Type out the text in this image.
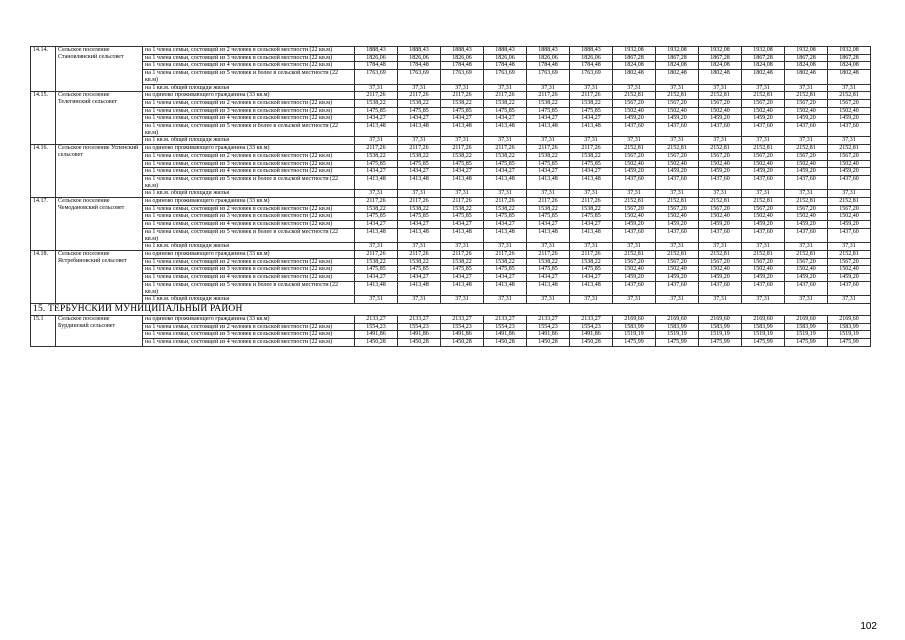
14.14.	Сельское поселение Становлянский сельсовет	на 1 члена семьи, состоящей из 2 человек в сельской местности (22 кв.м)	1888,43	1888,43	1888,43	1888,43	1888,43	1888,43	1932,08	1932,08	1932,08	1932,08	1932,08	1932,08
		на 1 члена семьи, состоящей из 3 человек в сельской местности (22 кв.м)	1826,06	1826,06	1826,06	1826,06	1826,06	1826,06	1867,28	1867,28	1867,28	1867,28	1867,28	1867,28
		на 1 члена семьи, состоящей из 4 человек в сельской местности (22 кв.м)	1784,48	1784,48	1784,48	1784,48	1784,48	1784,48	1824,08	1824,08	1824,08	1824,08	1824,08	1824,08
		на 1 члена семьи, состоящей из 5 человек и более в сельской местности (22 кв.м)	1763,69	1763,69	1763,69	1763,69	1763,69	1763,69	1802,48	1802,48	1802,48	1802,48	1802,48	1802,48
		на 1 кв.м. общей площади жилья	37,31	37,31	37,31	37,31	37,31	37,31	37,31	37,31	37,31	37,31	37,31	37,31
14.15.	Сельское поселение Телегинский сельсовет	на одиноко проживающего гражданина (33 кв.м)	2117,26	2117,26	2117,26	2117,26	2117,26	2117,26	2152,81	2152,81	2152,81	2152,81	2152,81	2152,81
		на 1 члена семьи, состоящей из 2 человек в сельской местности (22 кв.м)	1538,22	1538,22	1538,22	1538,22	1538,22	1538,22	1567,20	1567,20	1567,20	1567,20	1567,20	1567,20
		на 1 члена семьи, состоящей из 3 человек в сельской местности (22 кв.м)	1475,85	1475,85	1475,85	1475,85	1475,85	1475,85	1502,40	1502,40	1502,40	1502,40	1502,40	1502,40
		на 1 члена семьи, состоящей из 4 человек в сельской местности (22 кв.м)	1434,27	1434,27	1434,27	1434,27	1434,27	1434,27	1459,20	1459,20	1459,20	1459,20	1459,20	1459,20
		на 1 члена семьи, состоящей из 5 человек и более в сельской местности (22 кв.м)	1413,48	1413,48	1413,48	1413,48	1413,48	1413,48	1437,60	1437,60	1437,60	1437,60	1437,60	1437,60
		на 1 кв.м. общей площади жилья	37,31	37,31	37,31	37,31	37,31	37,31	37,31	37,31	37,31	37,31	37,31	37,31
14.16.	Сельское поселение Успенский сельсовет	на одиноко проживающего гражданина (33 кв.м)	2117,26	2117,26	2117,26	2117,26	2117,26	2117,26	2152,81	2152,81	2152,81	2152,81	2152,81	2152,81
		на 1 члена семьи, состоящей из 2 человек в сельской местности (22 кв.м)	1538,22	1538,22	1538,22	1538,22	1538,22	1538,22	1567,20	1567,20	1567,20	1567,20	1567,20	1567,20
		на 1 члена семьи, состоящей из 3 человек в сельской местности (22 кв.м)	1475,85	1475,85	1475,85	1475,85	1475,85	1475,85	1502,40	1502,40	1502,40	1502,40	1502,40	1502,40
		на 1 члена семьи, состоящей из 4 человек в сельской местности (22 кв.м)	1434,27	1434,27	1434,27	1434,27	1434,27	1434,27	1459,20	1459,20	1459,20	1459,20	1459,20	1459,20
		на 1 члена семьи, состоящей из 5 человек и более в сельской местности (22 кв.м)	1413,48	1413,48	1413,48	1413,48	1413,48	1413,48	1437,60	1437,60	1437,60	1437,60	1437,60	1437,60
		на 1 кв.м. общей площади жилья	37,31	37,31	37,31	37,31	37,31	37,31	37,31	37,31	37,31	37,31	37,31	37,31
14.17.	Сельское поселение Чемодановский сельсовет	на одиноко проживающего гражданина (33 кв.м)	2117,26	2117,26	2117,26	2117,26	2117,26	2117,26	2152,81	2152,81	2152,81	2152,81	2152,81	2152,81
		на 1 члена семьи, состоящей из 2 человек в сельской местности (22 кв.м)	1538,22	1538,22	1538,22	1538,22	1538,22	1538,22	1567,20	1567,20	1567,20	1567,20	1567,20	1567,20
		на 1 члена семьи, состоящей из 3 человек в сельской местности (22 кв.м)	1475,85	1475,85	1475,85	1475,85	1475,85	1475,85	1502,40	1502,40	1502,40	1502,40	1502,40	1502,40
		на 1 члена семьи, состоящей из 4 человек в сельской местности (22 кв.м)	1434,27	1434,27	1434,27	1434,27	1434,27	1434,27	1459,20	1459,20	1459,20	1459,20	1459,20	1459,20
		на 1 члена семьи, состоящей из 5 человек и более в сельской местности (22 кв.м)	1413,48	1413,48	1413,48	1413,48	1413,48	1413,48	1437,60	1437,60	1437,60	1437,60	1437,60	1437,60
		на 1 кв.м. общей площади жилья	37,31	37,31	37,31	37,31	37,31	37,31	37,31	37,31	37,31	37,31	37,31	37,31
14.18.	Сельское поселение Ястребиновский сельсовет	на одиноко проживающего гражданина (33 кв.м)	2117,26	2117,26	2117,26	2117,26	2117,26	2117,26	2152,81	2152,81	2152,81	2152,81	2152,81	2152,81
		на 1 члена семьи, состоящей из 2 человек в сельской местности (22 кв.м)	1538,22	1538,22	1538,22	1538,22	1538,22	1538,22	1567,20	1567,20	1567,20	1567,20	1567,20	1567,20
		на 1 члена семьи, состоящей из 3 человек в сельской местности (22 кв.м)	1475,85	1475,85	1475,85	1475,85	1475,85	1475,85	1502,40	1502,40	1502,40	1502,40	1502,40	1502,40
		на 1 члена семьи, состоящей из 4 человек в сельской местности (22 кв.м)	1434,27	1434,27	1434,27	1434,27	1434,27	1434,27	1459,20	1459,20	1459,20	1459,20	1459,20	1459,20
		на 1 члена семьи, состоящей из 5 человек и более в сельской местности (22 кв.м)	1413,48	1413,48	1413,48	1413,48	1413,48	1413,48	1437,60	1437,60	1437,60	1437,60	1437,60	1437,60
		на 1 кв.м. общей площади жилья	37,31	37,31	37,31	37,31	37,31	37,31	37,31	37,31	37,31	37,31	37,31	37,31
15. ТЕРБУНСКИЙ МУНИЦИПАЛЬНЫЙ РАЙОН														
15.1	Сельское поселение Бурдинский сельсовет	на одиноко проживающего гражданина (33 кв.м)	2133,27	2133,27	2133,27	2133,27	2133,27	2133,27	2169,60	2169,60	2169,60	2169,60	2169,60	2169,60
		на 1 члена семьи, состоящей из 2 человек в сельской местности (22 кв.м)	1554,23	1554,23	1554,23	1554,23	1554,23	1554,23	1583,99	1583,99	1583,99	1583,99	1583,99	1583,99
		на 1 члена семьи, состоящей из 3 человек в сельской местности (22 кв.м)	1491,86	1491,86	1491,86	1491,86	1491,86	1491,86	1519,19	1519,19	1519,19	1519,19	1519,19	1519,19
		на 1 члена семьи, состоящей из 4 человек в сельской местности (22 кв.м)	1450,28	1450,28	1450,28	1450,28	1450,28	1450,28	1475,99	1475,99	1475,99	1475,99	1475,99	1475,99
102
